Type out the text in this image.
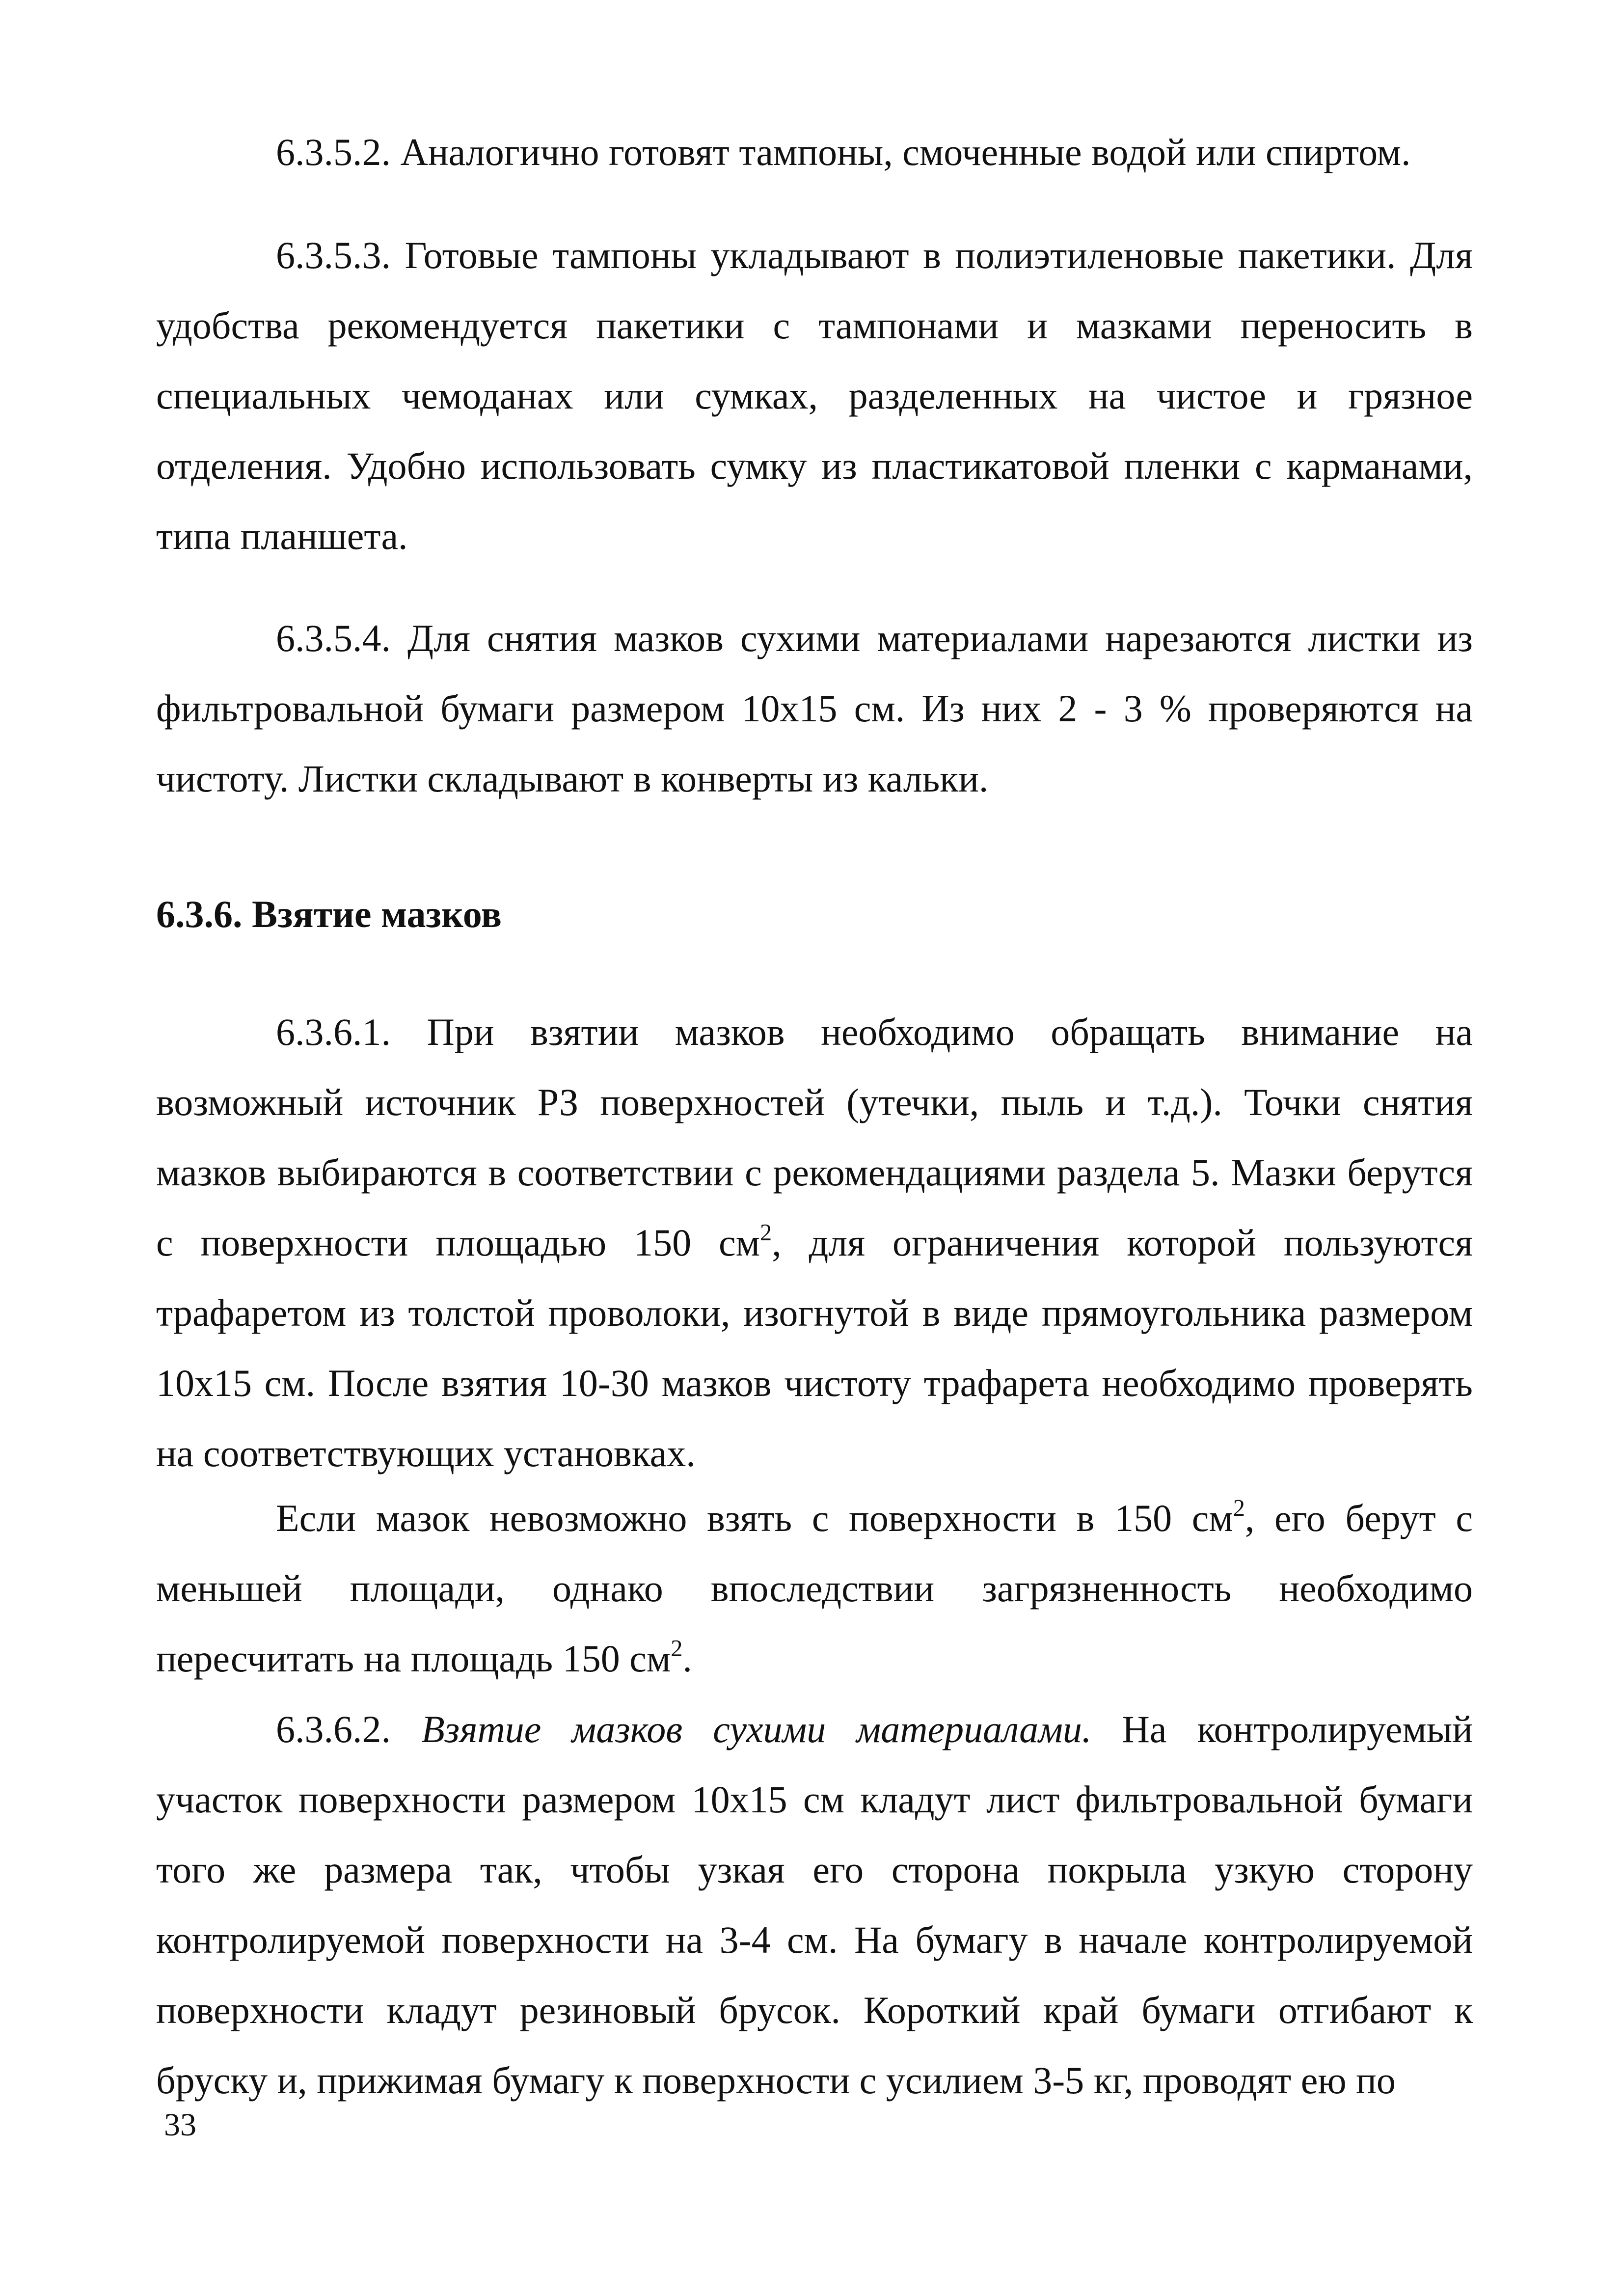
6.3.5.2. Аналогично готовят тампоны, смоченные водой или спиртом.

6.3.5.3. Готовые тампоны укладывают в полиэтиленовые пакетики. Для удобства рекомендуется пакетики с тампонами и мазками переносить в специальных чемоданах или сумках, разделенных на чистое и грязное отделения. Удобно использовать сумку из пластикатовой пленки с карманами, типа планшета.

6.3.5.4. Для снятия мазков сухими материалами нарезаются листки из фильтровальной бумаги размером 10х15 см. Из них 2 - 3 % проверяются на чистоту. Листки складывают в конверты из кальки.

6.3.6. Взятие мазков

6.3.6.1. При взятии мазков необходимо обращать внимание на возможный источник РЗ поверхностей (утечки, пыль и т.д.). Точки снятия мазков выбираются в соответствии с рекомендациями раздела 5. Мазки берутся с поверхности площадью 150 $см^2$, для ограничения которой пользуются трафаретом из толстой проволоки, изогнутой в виде прямоугольника размером 10х15 см. После взятия 10-30 мазков чистоту трафарета необходимо проверять на соответствующих установках.

Если мазок невозможно взять с поверхности в 150 $см^2$, его берут с меньшей площади, однако впоследствии загрязненность необходимо пересчитать на площадь 150 $см^2$.

6.3.6.2. Взятие мазков сухими материалами. На контролируемый участок поверхности размером 10х15 см кладут лист фильтровальной бумаги того же размера так, чтобы узкая его сторона покрыла узкую сторону контролируемой поверхности на 3-4 см. На бумагу в начале контролируемой поверхности кладут резиновый брусок. Короткий край бумаги отгибают к бруску и, прижимая бумагу к поверхности с усилием 3-5 кг, проводят ею по

33
